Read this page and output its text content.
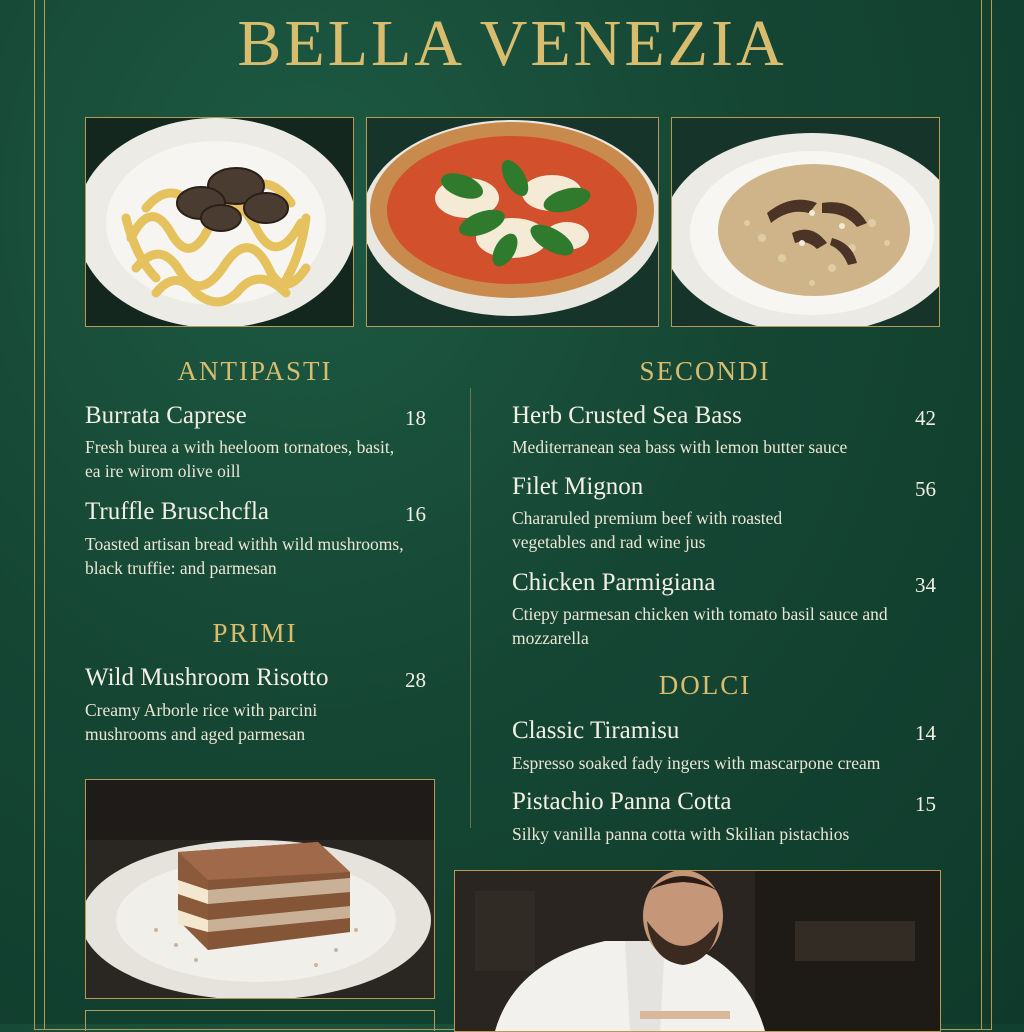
BELLA VENEZIA
ANTIPASTI
Burrata Caprese	18
Fresh burea a with heeloom tornatoes, basit, ea ire wirom olive oill
Truffle Bruschcfla	16
Toasted artisan bread withh wild mushrooms, black truffie: and parmesan
PRIMI
Wild Mushroom Risotto	28
Creamy Arborle rice with parcini mushrooms and aged parmesan
SECONDI
Herb Crusted Sea Bass	42
Mediterranean sea bass with lemon butter sauce
Filet Mignon	56
Chararuled premium beef with roasted vegetables and rad wine jus
Chicken Parmigiana	34
Ctiepy parmesan chicken with tomato basil sauce and mozzarella
DOLCI
Classic Tiramisu	14
Espresso soaked fady ingers with mascarpone cream
Pistachio Panna Cotta	15
Silky vanilla panna cotta with Skilian pistachios
